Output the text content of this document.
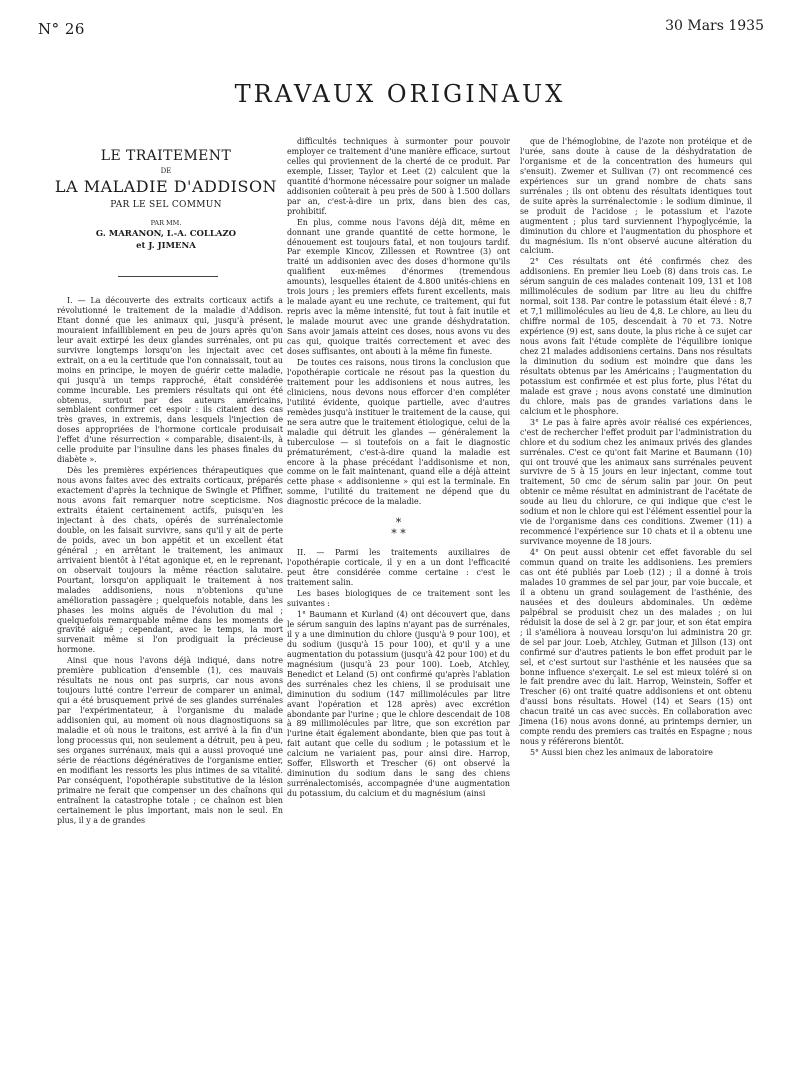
N° 26	30 Mars 1935
TRAVAUX ORIGINAUX
LE TRAITEMENT
DE
LA MALADIE D'ADDISON
PAR LE SEL COMMUN
PAR MM.
G. MARANON, I.-A. COLLAZO
et J. JIMENA

I. — La découverte des extraits corticaux actifs a révolutionné le traitement de la maladie d'Addison. Etant donné que les animaux qui, jusqu'à présent, mouraient infailliblement en peu de jours après qu'on leur avait extirpé les deux glandes surrénales, ont pu survivre longtemps lorsqu'on les injectait avec cet extrait, on a eu la certitude que l'on connaissait, tout au moins en principe, le moyen de guérir cette maladie, qui jusqu'à un temps rapproché, était considérée comme incurable. Les premiers résultats qui ont été obtenus, surtout par des auteurs américains, semblaient confirmer cet espoir : ils citaient des cas très graves, in extremis, dans lesquels l'injection de doses appropriées de l'hormone corticale produisait l'effet d'une résurrection « comparable, disaient-ils, à celle produite par l'insuline dans les phases finales du diabète ».

Dès les premières expériences thérapeutiques que nous avons faites avec des extraits corticaux, préparés exactement d'après la technique de Swingle et Pfiffner, nous avons fait remarquer notre scepticisme. Nos extraits étaient certainement actifs, puisqu'en les injectant à des chats, opérés de surrénalectomie double, on les faisait survivre, sans qu'il y ait de perte de poids, avec un bon appétit et un excellent état général ; en arrêtant le traitement, les animaux arrivaient bientôt à l'état agonique et, en le reprenant, on observait toujours la même réaction salutaire. Pourtant, lorsqu'on appliquait le traitement à nos malades addisoniens, nous n'obtenions qu'une amélioration passagère ; quelquefois notable, dans les phases les moins aiguës de l'évolution du mal ; quelquefois remarquable même dans les moments de gravité aiguë ; cependant, avec le temps, la mort survenait même si l'on prodiguait la précieuse hormone.

Ainsi que nous l'avons déjà indiqué, dans notre première publication d'ensemble (1), ces mauvais résultats ne nous ont pas surpris, car nous avons toujours lutté contre l'erreur de comparer un animal, qui a été brusquement privé de ses glandes surrénales par l'expérimentateur, à l'organisme du malade addisonien qui, au moment où nous diagnostiquons sa maladie et où nous le traitons, est arrivé à la fin d'un long processus qui, non seulement a détruit, peu à peu, ses organes surrénaux, mais qui a aussi provoqué une série de réactions dégénératives de l'organisme entier, en modifiant les ressorts les plus intimes de sa vitalité. Par conséquent, l'opothérapie substitutive de la lésion primaire ne ferait que compenser un des chaînons qui entraînent la catastrophe totale ; ce chaînon est bien certainement le plus important, mais non le seul. En plus, il y a de grandes

difficultés techniques à surmonter pour pouvoir employer ce traitement d'une manière efficace, surtout celles qui proviennent de la cherté de ce produit. Par exemple, Lisser, Taylor et Leet (2) calculent que la quantité d'hormone nécessaire pour soigner un malade addisonien coûterait à peu près de 500 à 1.500 dollars par an, c'est-à-dire un prix, dans bien des cas, prohibitif.

En plus, comme nous l'avons déjà dit, même en donnant une grande quantité de cette hormone, le dénouement est toujours fatal, et non toujours tardif. Par exemple Kincov, Zillessen et Rowntree (3) ont traité un addisonien avec des doses d'hormone qu'ils qualifient eux-mêmes d'énormes (tremendous amounts), lesquelles étaient de 4.800 unités-chiens en trois jours ; les premiers effets furent excellents, mais le malade ayant eu une rechute, ce traitement, qui fut repris avec la même intensité, fut tout à fait inutile et le malade mourut avec une grande déshydratation. Sans avoir jamais atteint ces doses, nous avons vu des cas qui, quoique traités correctement et avec des doses suffisantes, ont abouti à la même fin funeste.

De toutes ces raisons, nous tirons la conclusion que l'opothérapie corticale ne résout pas la question du traitement pour les addisoniens et nous autres, les cliniciens, nous devons nous efforcer d'en compléter l'utilité évidente, quoique partielle, avec d'autres remèdes jusqu'à instituer le traitement de la cause, qui ne sera autre que le traitement étiologique, celui de la maladie qui détruit les glandes — généralement la tuberculose — si toutefois on a fait le diagnostic prématurément, c'est-à-dire quand la maladie est encore à la phase précédant l'addisonisme et non, comme on le fait maintenant, quand elle a déjà atteint cette phase « addisonienne » qui est la terminale. En somme, l'utilité du traitement ne dépend que du diagnostic précoce de la maladie.

*
* *

II. — Parmi les traitements auxiliaires de l'opothérapie corticale, il y en a un dont l'efficacité peut être considérée comme certaine : c'est le traitement salin.

Les bases biologiques de ce traitement sont les suivantes :

1° Baumann et Kurland (4) ont découvert que, dans le sérum sanguin des lapins n'ayant pas de surrénales, il y a une diminution du chlore (jusqu'à 9 pour 100), et du sodium (jusqu'à 15 pour 100), et qu'il y a une augmentation du potassium (jusqu'à 42 pour 100) et du magnésium (jusqu'à 23 pour 100). Loeb, Atchley, Benedict et Leland (5) ont confirmé qu'après l'ablation des surrénales chez les chiens, il se produisait une diminution du sodium (147 millimolécules par litre avant l'opération et 128 après) avec excrétion abondante par l'urine ; que le chlore descendait de 108 à 89 millimolécules par litre, que son excrétion par l'urine était également abondante, bien que pas tout à fait autant que celle du sodium ; le potassium et le calcium ne variaient pas, pour ainsi dire. Harrop, Soffer, Ellsworth et Trescher (6) ont observé la diminution du sodium dans le sang des chiens surrénalectomisés, accompagnée d'une augmentation du potassium, du calcium et du magnésium (ainsi

que de l'hémoglobine, de l'azote non protéique et de l'urée, sans doute à cause de la déshydratation de l'organisme et de la concentration des humeurs qui s'ensuit). Zwemer et Sullivan (7) ont recommencé ces expériences sur un grand nombre de chats sans surrénales ; ils ont obtenu des résultats identiques tout de suite après la surrénalectomie : le sodium diminue, il se produit de l'acidose ; le potassium et l'azote augmentent ; plus tard surviennent l'hypoglycémie, la diminution du chlore et l'augmentation du phosphore et du magnésium. Ils n'ont observé aucune altération du calcium.

2° Ces résultats ont été confirmés chez des addisoniens. En premier lieu Loeb (8) dans trois cas. Le sérum sanguin de ces malades contenait 109, 131 et 108 millimolécules de sodium par litre au lieu du chiffre normal, soit 138. Par contre le potassium était élevé : 8,7 et 7,1 millimolécules au lieu de 4,8. Le chlore, au lieu du chiffre normal de 105, descendait à 70 et 73. Notre expérience (9) est, sans doute, la plus riche à ce sujet car nous avons fait l'étude complète de l'équilibre ionique chez 21 malades addisoniens certains. Dans nos résultats la diminution du sodium est moindre que dans les résultats obtenus par les Américains ; l'augmentation du potassium est confirmée et est plus forte, plus l'état du malade est grave ; nous avons constaté une diminution du chlore, mais pas de grandes variations dans le calcium et le phosphore.

3° Le pas à faire après avoir réalisé ces expériences, c'est de rechercher l'effet produit par l'administration du chlore et du sodium chez les animaux privés des glandes surrénales. C'est ce qu'ont fait Marine et Baumann (10) qui ont trouvé que les animaux sans surrénales peuvent survivre de 5 à 15 jours en leur injectant, comme tout traitement, 50 cmc de sérum salin par jour. On peut obtenir ce même résultat en administrant de l'acétate de soude au lieu du chlorure, ce qui indique que c'est le sodium et non le chlore qui est l'élément essentiel pour la vie de l'organisme dans ces conditions. Zwemer (11) a recommencé l'expérience sur 10 chats et il a obtenu une survivance moyenne de 18 jours.

4° On peut aussi obtenir cet effet favorable du sel commun quand on traite les addisoniens. Les premiers cas ont été publiés par Loeb (12) ; il a donné à trois malades 10 grammes de sel par jour, par voie buccale, et il a obtenu un grand soulagement de l'asthénie, des nausées et des douleurs abdominales. Un œdème palpébral se produisit chez un des malades ; on lui réduisit la dose de sel à 2 gr. par jour, et son état empira ; il s'améliora à nouveau lorsqu'on lui administra 20 gr. de sel par jour. Loeb, Atchley, Gutman et Jillson (13) ont confirmé sur d'autres patients le bon effet produit par le sel, et c'est surtout sur l'asthénie et les nausées que sa bonne influence s'exerçait. Le sel est mieux toléré si on le fait prendre avec du lait. Harrop, Weinstein, Soffer et Trescher (6) ont traité quatre addisoniens et ont obtenu d'aussi bons résultats. Howel (14) et Sears (15) ont chacun traité un cas avec succès. En collaboration avec Jimena (16) nous avons donné, au printemps dernier, un compte rendu des premiers cas traités en Espagne ; nous nous y référerons bientôt.

5° Aussi bien chez les animaux de laboratoire
